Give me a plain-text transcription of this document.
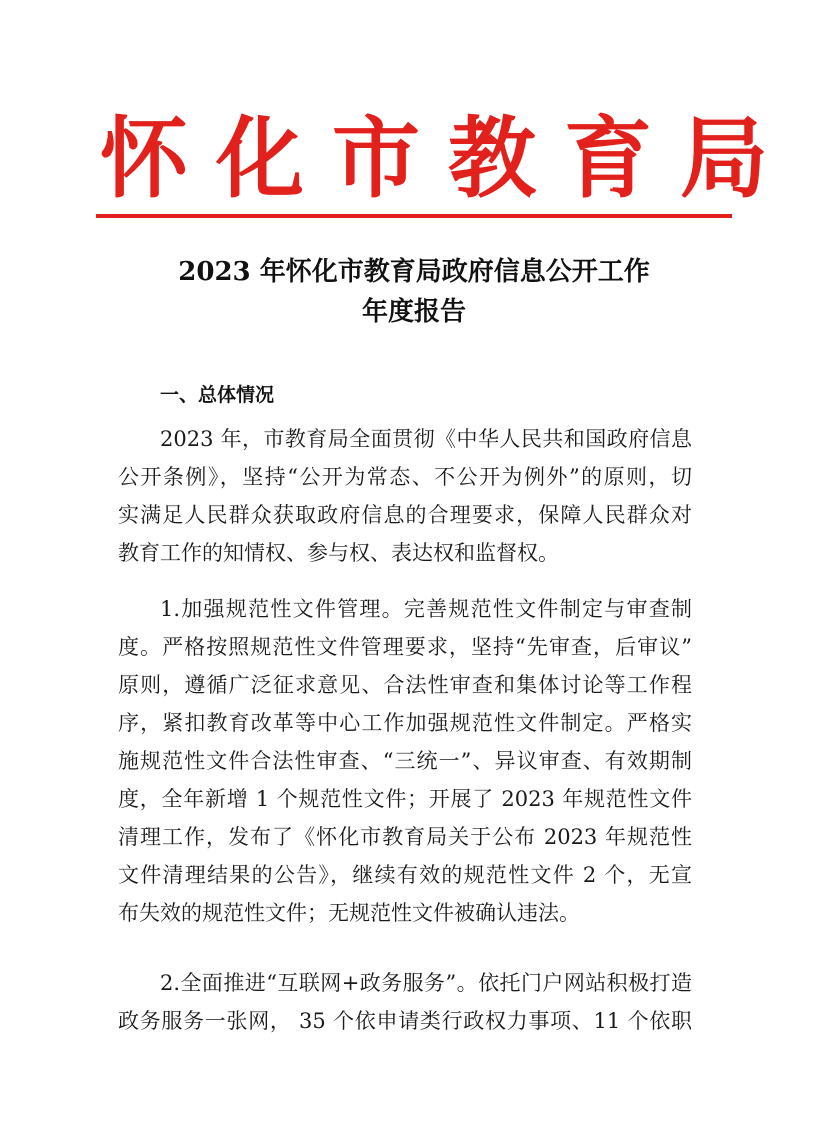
怀化市教育局
2023 年怀化市教育局政府信息公开工作
年度报告
一、总体情况
2023 年，市教育局全面贯彻《中华人民共和国政府信息
公开条例》，坚持“公开为常态、不公开为例外”的原则，切
实满足人民群众获取政府信息的合理要求，保障人民群众对
教育工作的知情权、参与权、表达权和监督权。
1.加强规范性文件管理。完善规范性文件制定与审查制
度。严格按照规范性文件管理要求，坚持“先审查，后审议”
原则，遵循广泛征求意见、合法性审查和集体讨论等工作程
序，紧扣教育改革等中心工作加强规范性文件制定。严格实
施规范性文件合法性审查、“三统一”、异议审查、有效期制
度，全年新增 1 个规范性文件；开展了 2023 年规范性文件
清理工作，发布了《怀化市教育局关于公布 2023 年规范性
文件清理结果的公告》，继续有效的规范性文件 2 个，无宣
布失效的规范性文件；无规范性文件被确认违法。
2.全面推进“互联网+政务服务”。依托门户网站积极打造
政务服务一张网， 35 个依申请类行政权力事项、11 个依职
